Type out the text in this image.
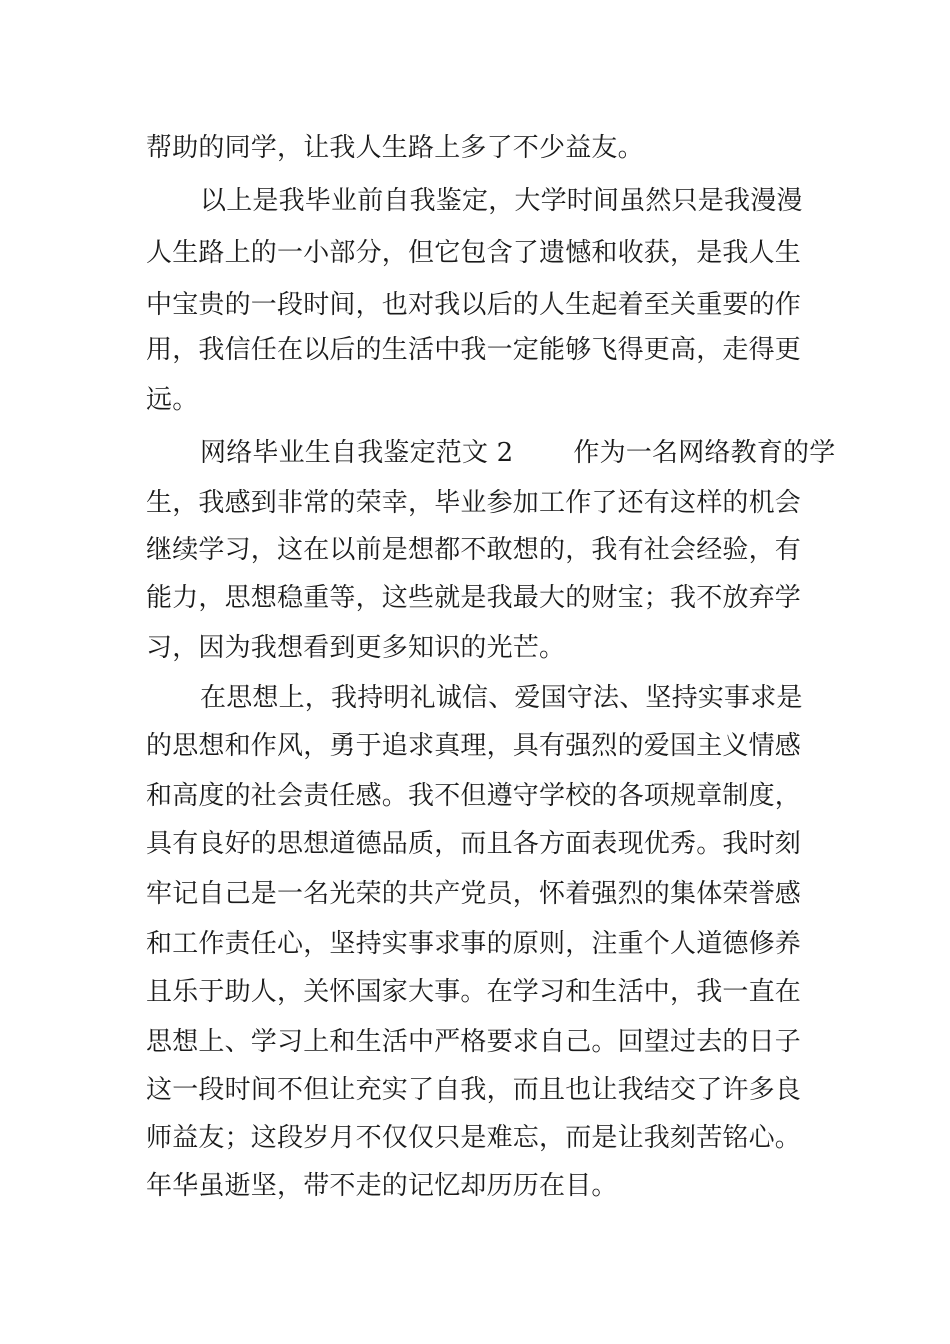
帮助的同学，让我人生路上多了不少益友。
以上是我毕业前自我鉴定，大学时间虽然只是我漫漫
人生路上的一小部分，但它包含了遗憾和收获，是我人生
中宝贵的一段时间，也对我以后的人生起着至关重要的作
用，我信任在以后的生活中我一定能够飞得更高，走得更
远。
网络毕业生自我鉴定范文 2 作为一名网络教育的学
生，我感到非常的荣幸，毕业参加工作了还有这样的机会
继续学习，这在以前是想都不敢想的，我有社会经验，有
能力，思想稳重等，这些就是我最大的财宝；我不放弃学
习，因为我想看到更多知识的光芒。
在思想上，我持明礼诚信、爱国守法、坚持实事求是
的思想和作风，勇于追求真理，具有强烈的爱国主义情感
和高度的社会责任感。我不但遵守学校的各项规章制度，
具有良好的思想道德品质，而且各方面表现优秀。我时刻
牢记自己是一名光荣的共产党员，怀着强烈的集体荣誉感
和工作责任心，坚持实事求事的原则，注重个人道德修养
且乐于助人，关怀国家大事。在学习和生活中，我一直在
思想上、学习上和生活中严格要求自己。回望过去的日子
这一段时间不但让充实了自我，而且也让我结交了许多良
师益友；这段岁月不仅仅只是难忘，而是让我刻苦铭心。
年华虽逝坚，带不走的记忆却历历在目。
